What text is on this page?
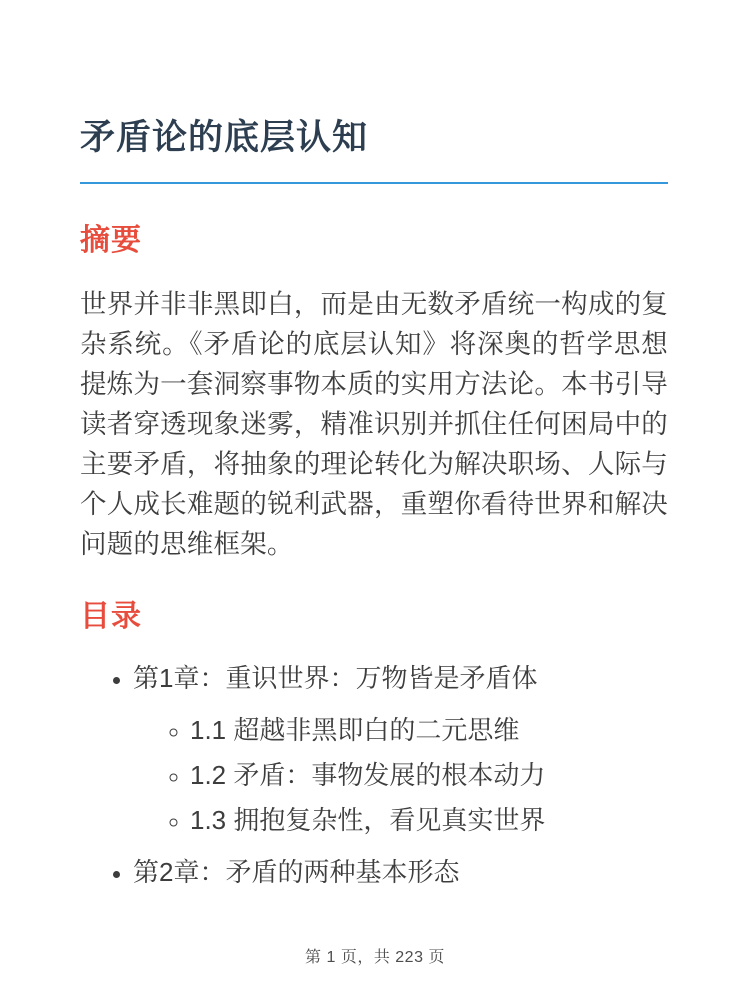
矛盾论的底层认知
摘要

世界并非非黑即白，而是由无数矛盾统一构成的复杂系统。《矛盾论的底层认知》将深奥的哲学思想提炼为一套洞察事物本质的实用方法论。本书引导读者穿透现象迷雾，精准识别并抓住任何困局中的主要矛盾，将抽象的理论转化为解决职场、人际与个人成长难题的锐利武器，重塑你看待世界和解决问题的思维框架。

目录
• 第1章：重识世界：万物皆是矛盾体
◦ 1.1 超越非黑即白的二元思维
◦ 1.2 矛盾：事物发展的根本动力
◦ 1.3 拥抱复杂性，看见真实世界
• 第2章：矛盾的两种基本形态
第 1 页，共 223 页
